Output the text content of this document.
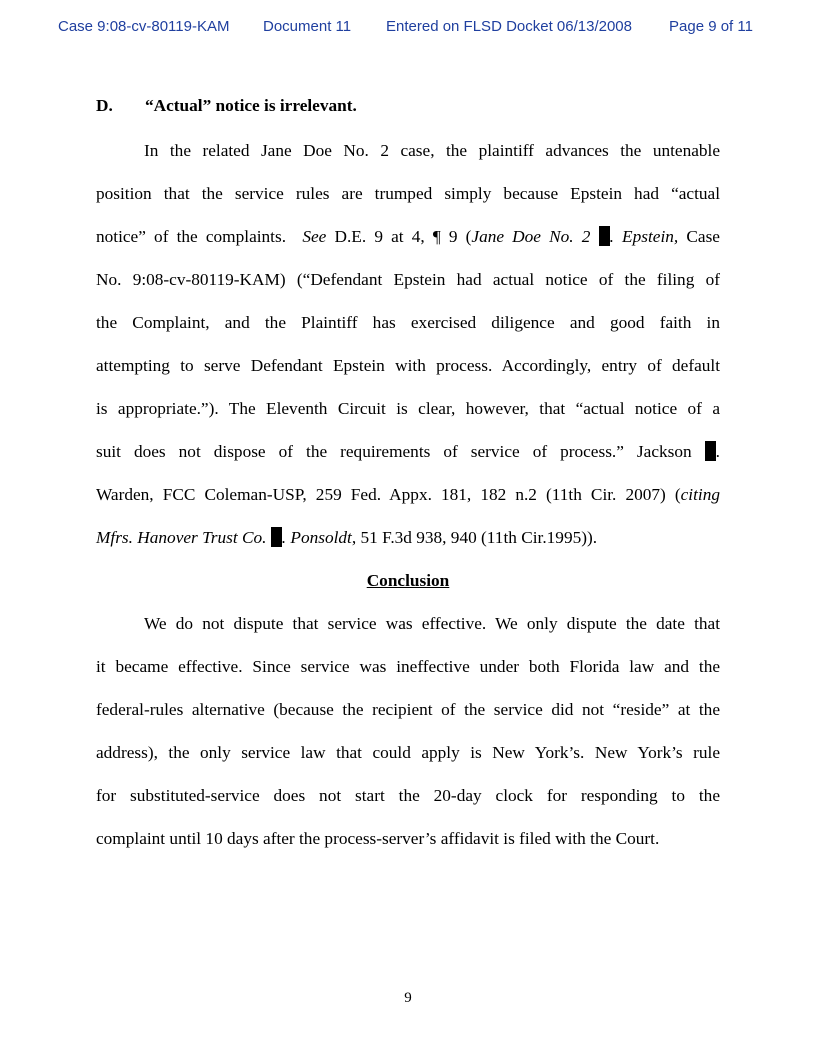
Case 9:08-cv-80119-KAM Document 11 Entered on FLSD Docket 06/13/2008 Page 9 of 11
D. “Actual” notice is irrelevant.
In the related Jane Doe No. 2 case, the plaintiff advances the untenable
position that the service rules are trumped simply because Epstein had “actual
notice” of the complaints. See D.E. 9 at 4, ¶ 9 (Jane Doe No. 2 . Epstein, Case
No. 9:08-cv-80119-KAM) (“Defendant Epstein had actual notice of the filing of
the Complaint, and the Plaintiff has exercised diligence and good faith in
attempting to serve Defendant Epstein with process. Accordingly, entry of default
is appropriate.”). The Eleventh Circuit is clear, however, that “actual notice of a
suit does not dispose of the requirements of service of process.” Jackson .
Warden, FCC Coleman-USP, 259 Fed. Appx. 181, 182 n.2 (11th Cir. 2007) (citing
Mfrs. Hanover Trust Co. . Ponsoldt, 51 F.3d 938, 940 (11th Cir.1995)).
Conclusion
We do not dispute that service was effective. We only dispute the date that
it became effective. Since service was ineffective under both Florida law and the
federal-rules alternative (because the recipient of the service did not “reside” at the
address), the only service law that could apply is New York’s. New York’s rule
for substituted-service does not start the 20-day clock for responding to the
complaint until 10 days after the process-server’s affidavit is filed with the Court.
9
